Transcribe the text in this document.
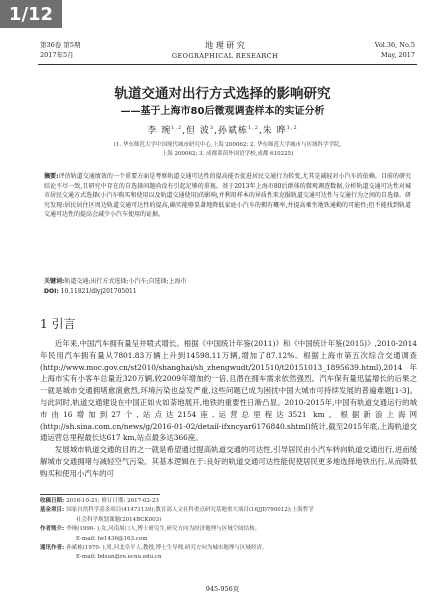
1/12
第36卷 第5期
2017年5月
地 理 研 究
GEOGRAPHICAL RESEARCH
Vol.36, No.5
May, 2017
轨道交通对出行方式选择的影响研究
——基于上海市80后微观调查样本的实证分析
李 琬$^{1,2}$,但 波$^3$,孙斌栋$^{1,2}$,朱 晔$^{1,2}$
(1. 华东师范大学中国现代城市研究中心,上海 200062; 2. 华东师范大学城市与区域科学学院,
上海 200062; 3. 成都莱茵外国语学校,成都 610225)
摘要:评估轨道交通绩效的一个重要方面是考察轨道交通可达性的提高能否促进居民交通行为转变,尤其是减轻对小汽车的依赖。目前的研究结论不尽一致,且研究中存在的自选择问题尚没有引起足够的重视。基于2013年上海市80后群体的微观调查数据,分析轨道交通可达性对城市居民交通方式选择(小汽车购买和使用以及轨道交通使用)的影响,并利用样本的异质性来克服轨道交通可达性与交通行为之间的自选择。研究发现:居民居住区周边轨道交通可达性的提高,确实能够显著地降低家庭小汽车的拥有概率,并提高乘坐地铁通勤的可能性;但不能找到轨道交通可达性的提高会减少小汽车使用的证据。
关键词:轨道交通;出行方式选择;小汽车;自选择;上海市
DOI: 10.11821/dlyj201705011
1 引言

近年来,中国汽车拥有量呈井喷式增长。根据《中国统计年鉴(2011)》和《中国统计年鉴(2015)》,2010-2014年民用汽车拥有量从7801.83万辆上升到14598.11万辆,增加了87.12%。根据上海市第五次综合交通调查(http://www.moc.gov.cn/st2010/shanghai/sh_zhengwudt/201510/t20151013_1895639.html),2014年上海市实有小客车总量近320万辆,较2009年增加约一倍,且潜在拥车需求依然强烈。汽车保有量迅猛增长的后果之一就是城市交通拥堵愈演愈烈,环境污染也益发严重,这些问题已成为困扰中国大城市可持续发展的普遍难题[1-3]。与此同时,轨道交通建设在中国正如火如荼地展开,地铁的重要性日渐凸显。2010-2015年,中国有轨道交通运行的城市由16增加到27个,站点达2154座,运营总里程达3521 km。根据新浪上海网(http://sh.sina.com.cn/news/g/2016-01-02/detail-ifxncyar6176840.shtml)统计,截至2015年底,上海轨道交通运营总里程最长达617 km,站点最多达366座。

发展城市轨道交通的目的之一就是希望通过提高轨道交通的可达性,引导居民由小汽车转向轨道交通出行,进而缓解城市交通拥堵与减轻空气污染。其基本逻辑在于:良好的轨道交通可达性能促使居民更多地选择地铁出行,从而降低购买和使用小汽车的可

收稿日期: 2016-10-21; 修订日期: 2017-02-23
基金项目: 国家自然科学基金项目(41471139);教育部人文社科重点研究基地重大项目(16JJD790012);上海哲学
社会科学规划课题(2014BCK003)
作者简介: 李琬(1990- ),女,河南周口人,博士研究生,研究方向为经济地理与区域空间结构。
E-mail: lw1436@163.com
通讯作者: 孙斌栋(1970- ),男,河北阜平人,教授,博士生导师,研究方向为城市地理与区域经济。
E-mail: bdsun@re.ecnu.edu.cn
945-956页
